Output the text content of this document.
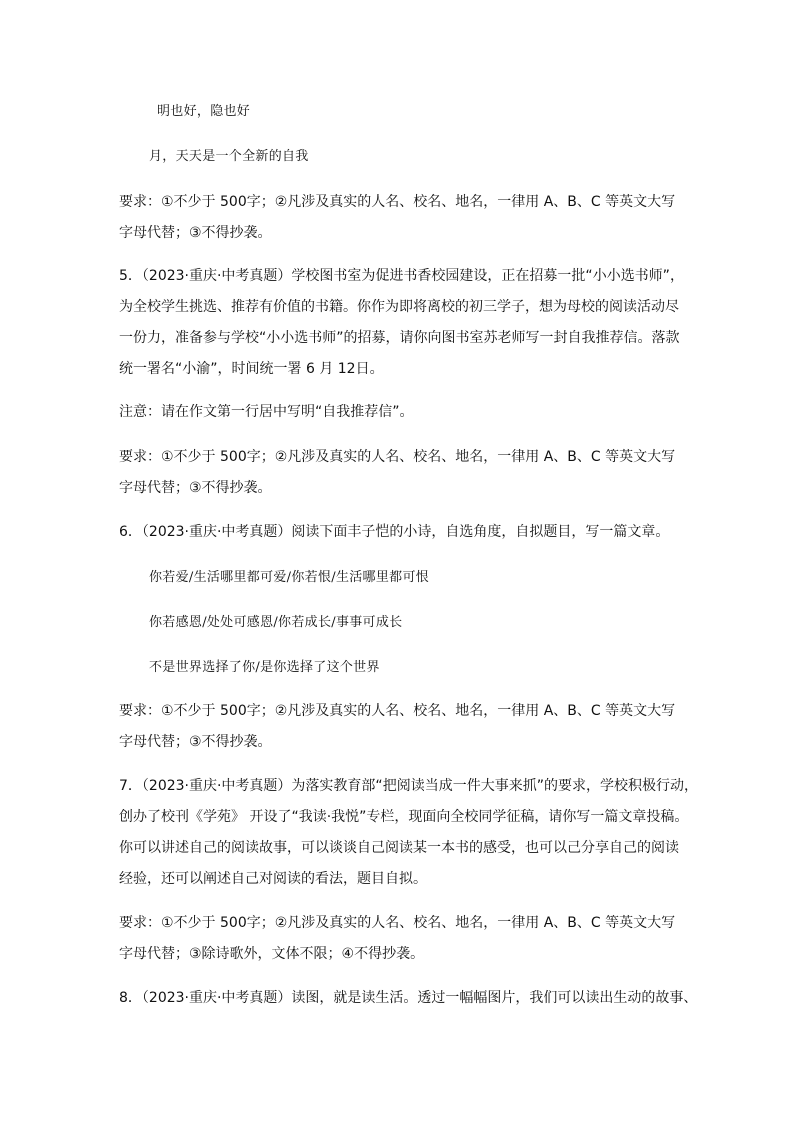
明也好，隐也好
月，天天是一个全新的自我
要求：①不少于 500字；②凡涉及真实的人名、校名、地名，一律用 A、B、C 等英文大写
字母代替；③不得抄袭。
5．（2023·重庆·中考真题）学校图书室为促进书香校园建设，正在招募一批“小小选书师”，
为全校学生挑选、推荐有价值的书籍。你作为即将离校的初三学子，想为母校的阅读活动尽
一份力，准备参与学校“小小选书师”的招募，请你向图书室苏老师写一封自我推荐信。落款
统一署名“小渝”，时间统一署 6 月 12日。
注意：请在作文第一行居中写明“自我推荐信”。
要求：①不少于 500字；②凡涉及真实的人名、校名、地名，一律用 A、B、C 等英文大写
字母代替；③不得抄袭。
6．（2023·重庆·中考真题）阅读下面丰子恺的小诗，自选角度，自拟题目，写一篇文章。
你若爱/生活哪里都可爱/你若恨/生活哪里都可恨
你若感恩/处处可感恩/你若成长/事事可成长
不是世界选择了你/是你选择了这个世界
要求：①不少于 500字；②凡涉及真实的人名、校名、地名，一律用 A、B、C 等英文大写
字母代替；③不得抄袭。
7．（2023·重庆·中考真题）为落实教育部“把阅读当成一件大事来抓”的要求，学校积极行动，
创办了校刊《学苑》 开设了“我读·我悦”专栏，现面向全校同学征稿，请你写一篇文章投稿。
你可以讲述自己的阅读故事，可以谈谈自己阅读某一本书的感受，也可以己分享自己的阅读
经验，还可以阐述自己对阅读的看法，题目自拟。
要求：①不少于 500字；②凡涉及真实的人名、校名、地名，一律用 A、B、C 等英文大写
字母代替；③除诗歌外，文体不限；④不得抄袭。
8．（2023·重庆·中考真题）读图，就是读生活。透过一幅幅图片，我们可以读出生动的故事、
